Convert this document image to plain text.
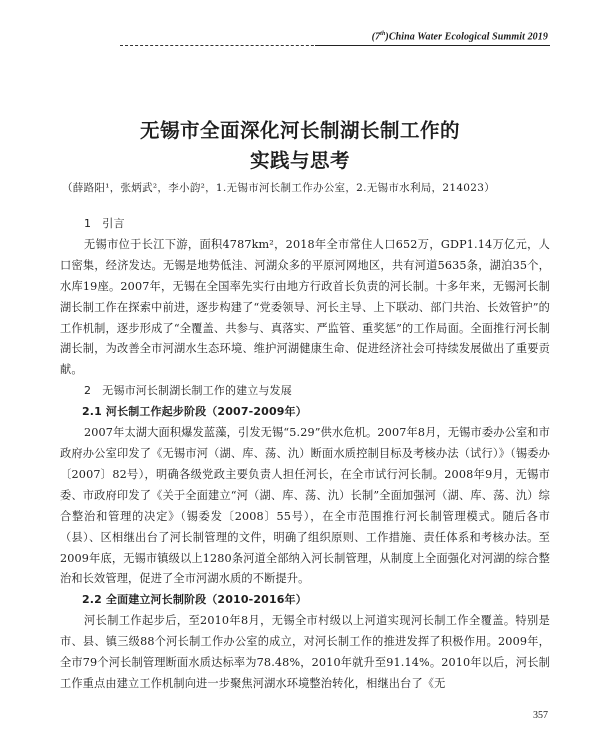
(7th)China Water Ecological Summit 2019
无锡市全面深化河长制湖长制工作的
实践与思考
（薛路阳¹，张炳武²，李小韵²，1.无锡市河长制工作办公室，2.无锡市水利局，214023）
1　引言

无锡市位于长江下游，面积4787km²，2018年全市常住人口652万，GDP1.14万亿元，人口密集，经济发达。无锡是地势低洼、河湖众多的平原河网地区，共有河道5635条，湖泊35个，水库19座。2007年，无锡在全国率先实行由地方行政首长负责的河长制。十多年来，无锡河长制湖长制工作在探索中前进，逐步构建了“党委领导、河长主导、上下联动、部门共治、长效管护”的工作机制，逐步形成了“全覆盖、共参与、真落实、严监管、重奖惩”的工作局面。全面推行河长制湖长制，为改善全市河湖水生态环境、维护河湖健康生命、促进经济社会可持续发展做出了重要贡献。

2　无锡市河长制湖长制工作的建立与发展
2.1 河长制工作起步阶段（2007-2009年）

2007年太湖大面积爆发蓝藻，引发无锡“5.29”供水危机。2007年8月，无锡市委办公室和市政府办公室印发了《无锡市河（湖、库、荡、氿）断面水质控制目标及考核办法（试行）》（锡委办〔2007〕82号），明确各级党政主要负责人担任河长，在全市试行河长制。2008年9月，无锡市委、市政府印发了《关于全面建立“河（湖、库、荡、氿）长制”全面加强河（湖、库、荡、氿）综合整治和管理的决定》（锡委发〔2008〕55号），在全市范围推行河长制管理模式。随后各市（县）、区相继出台了河长制管理的文件，明确了组织原则、工作措施、责任体系和考核办法。至2009年底，无锡市镇级以上1280条河道全部纳入河长制管理，从制度上全面强化对河湖的综合整治和长效管理，促进了全市河湖水质的不断提升。

2.2 全面建立河长制阶段（2010-2016年）

河长制工作起步后，至2010年8月，无锡全市村级以上河道实现河长制工作全覆盖。特别是市、县、镇三级88个河长制工作办公室的成立，对河长制工作的推进发挥了积极作用。2009年，全市79个河长制管理断面水质达标率为78.48%，2010年就升至91.14%。2010年以后，河长制工作重点由建立工作机制向进一步聚焦河湖水环境整治转化，相继出台了《无

357
